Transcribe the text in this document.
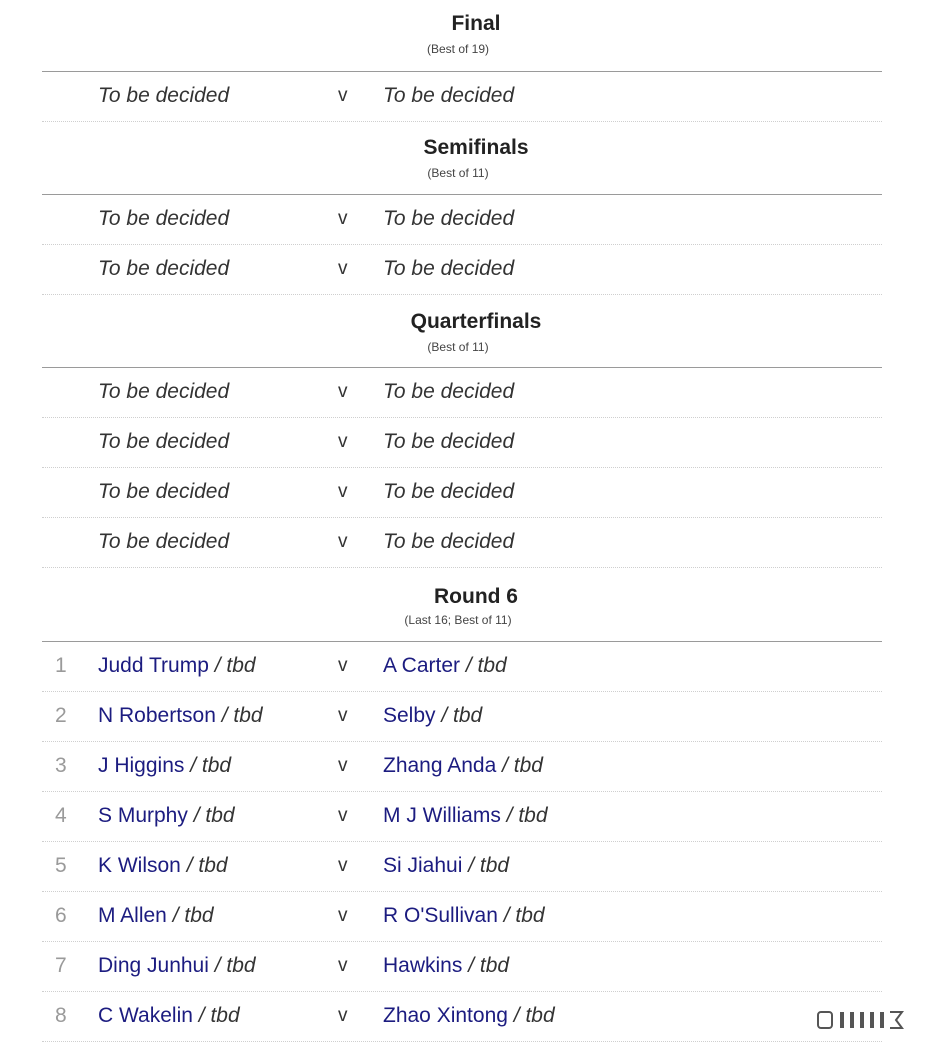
Final
(Best of 19)
To be decided	v To be decided
Semifinals
(Best of 11)
To be decided	v To be decided
To be decided	v To be decided
Quarterfinals
(Best of 11)
To be decided	v To be decided
To be decided	v To be decided
To be decided	v To be decided
To be decided	v To be decided
Round 6
(Last 16; Best of 11)
1 Judd Trump / tbd	v A Carter / tbd
2 N Robertson / tbd	v Selby / tbd
3 J Higgins / tbd	v Zhang Anda / tbd
4 S Murphy / tbd	v M J Williams / tbd
5 K Wilson / tbd	v Si Jiahui / tbd
6 M Allen / tbd	v R O'Sullivan / tbd
7 Ding Junhui / tbd	v Hawkins / tbd
8 C Wakelin / tbd	v Zhao Xintong / tbd
